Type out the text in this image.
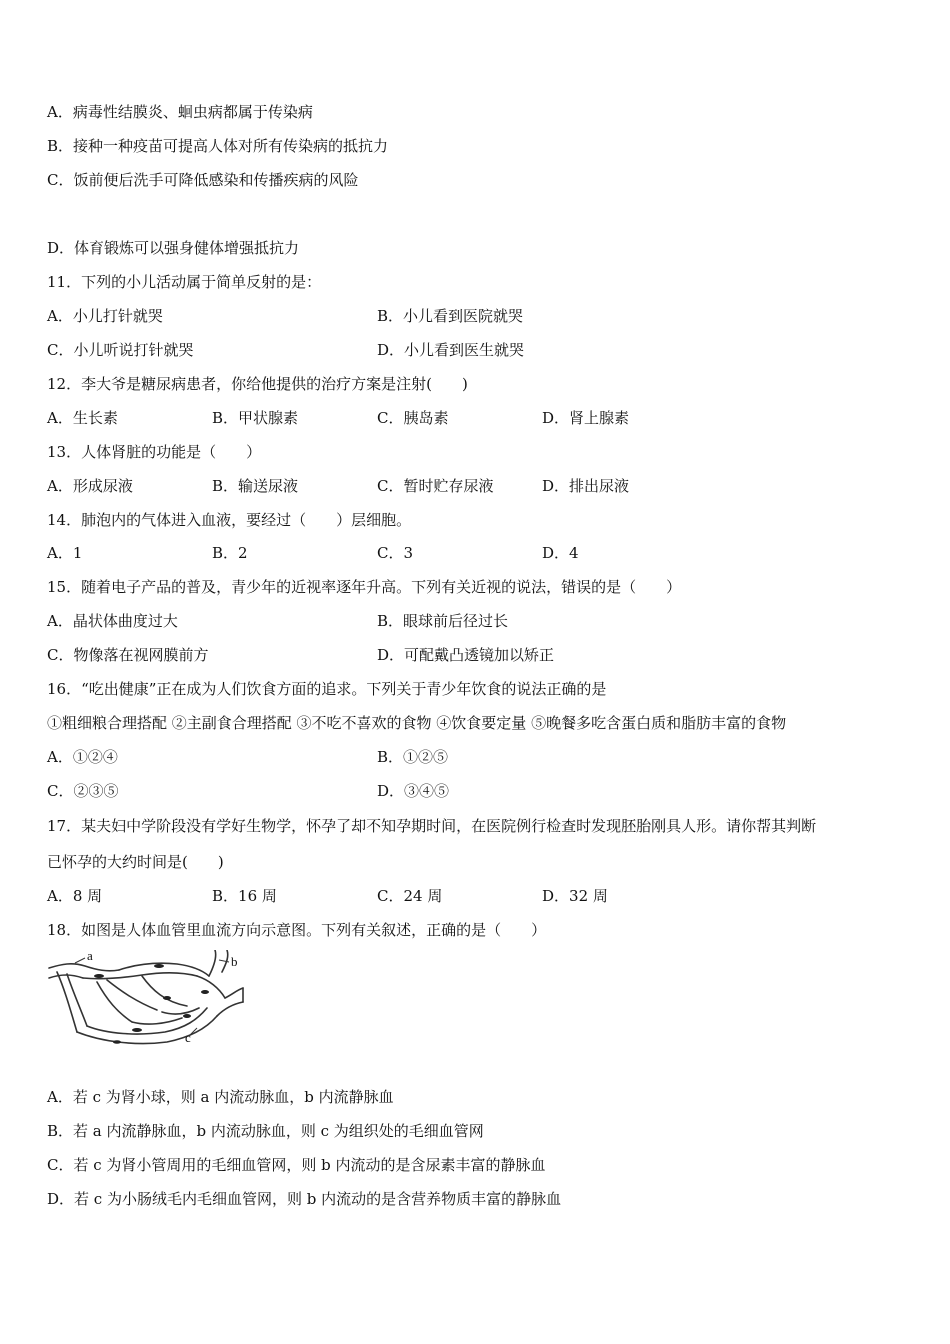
A．病毒性结膜炎、蛔虫病都属于传染病
B．接种一种疫苗可提高人体对所有传染病的抵抗力
C．饭前便后洗手可降低感染和传播疾病的风险
D．体育锻炼可以强身健体增强抵抗力
11．下列的小儿活动属于简单反射的是：
A．小儿打针就哭	B．小儿看到医院就哭
C．小儿听说打针就哭	D．小儿看到医生就哭
12．李大爷是糖尿病患者，你给他提供的治疗方案是注射(　　)
A．生长素	B．甲状腺素	C．胰岛素	D．肾上腺素
13．人体肾脏的功能是（　　）
A．形成尿液	B．输送尿液	C．暂时贮存尿液	D．排出尿液
14．肺泡内的气体进入血液，要经过（　　）层细胞。
A．1	B．2	C．3	D．4
15．随着电子产品的普及，青少年的近视率逐年升高。下列有关近视的说法，错误的是（　　）
A．晶状体曲度过大	B．眼球前后径过长
C．物像落在视网膜前方	D．可配戴凸透镜加以矫正
16．“吃出健康”正在成为人们饮食方面的追求。下列关于青少年饮食的说法正确的是
①粗细粮合理搭配 ②主副食合理搭配 ③不吃不喜欢的食物 ④饮食要定量 ⑤晚餐多吃含蛋白质和脂肪丰富的食物
A．①②④	B．①②⑤
C．②③⑤	D．③④⑤
17．某夫妇中学阶段没有学好生物学，怀孕了却不知孕期时间，在医院例行检查时发现胚胎刚具人形。请你帮其判断
已怀孕的大约时间是(　　)
A．8 周	B．16 周	C．24 周	D．32 周
18．如图是人体血管里血流方向示意图。下列有关叙述，正确的是（　　）
a	b
c
A．若 c 为肾小球，则 a 内流动脉血，b 内流静脉血
B．若 a 内流静脉血，b 内流动脉血，则 c 为组织处的毛细血管网
C．若 c 为肾小管周用的毛细血管网，则 b 内流动的是含尿素丰富的静脉血
D．若 c 为小肠绒毛内毛细血管网，则 b 内流动的是含营养物质丰富的静脉血
